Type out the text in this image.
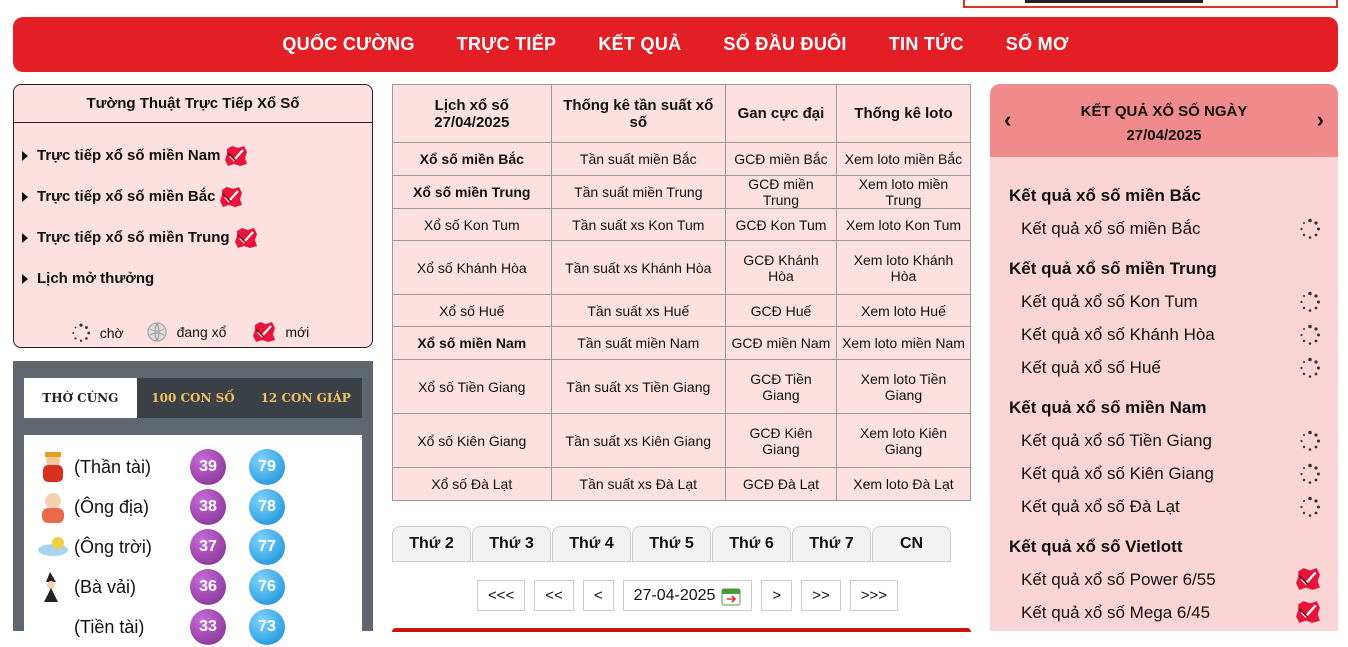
QUỐC CƯỜNG TRỰC TIẾP KẾT QUẢ SỐ ĐẦU ĐUÔI TIN TỨC SỐ MƠ
Tường Thuật Trực Tiếp Xổ Số
Trực tiếp xổ số miền Nam
Trực tiếp xổ số miền Bắc
Trực tiếp xổ số miền Trung
Lịch mở thưởng
chờ
	đang xổ
	mới
THỜ CÚNG	100 CON SỐ	12 CON GIÁP
(Thần tài)	39	79
(Ông địa)	38	78
(Ông trời)	37	77
(Bà vải)	36	76
(Tiền tài)	33	73
Lịch xổ số 27/04/2025	Thống kê tần suất xổ số	Gan cực đại	Thống kê loto
Xổ số miền Bắc	Tần suất miền Bắc	GCĐ miền Bắc	Xem loto miền Bắc
Xổ số miền Trung	Tần suất miền Trung	GCĐ miền Trung	Xem loto miền Trung
Xổ số Kon Tum	Tần suất xs Kon Tum	GCĐ Kon Tum	Xem loto Kon Tum
Xổ số Khánh Hòa	Tần suất xs Khánh Hòa	GCĐ Khánh Hòa	Xem loto Khánh Hòa
Xổ số Huế	Tần suất xs Huế	GCĐ Huế	Xem loto Huế
Xổ số miền Nam	Tần suất miền Nam	GCĐ miền Nam	Xem loto miền Nam
Xổ số Tiền Giang	Tần suất xs Tiền Giang	GCĐ Tiền Giang	Xem loto Tiền Giang
Xổ số Kiên Giang	Tần suất xs Kiên Giang	GCĐ Kiên Giang	Xem loto Kiên Giang
Xổ số Đà Lạt	Tần suất xs Đà Lạt	GCĐ Đà Lạt	Xem loto Đà Lạt
Thứ 2	Thứ 3	Thứ 4	Thứ 5	Thứ 6	Thứ 7	CN
<<<	<<	<	27-04-2025	>	>>	>>>
‹	KẾT QUẢ XỔ SỐ NGÀY
27/04/2025
›
Kết quả xổ số miền Bắc
Kết quả xổ số miền Bắc
Kết quả xổ số miền Trung
Kết quả xổ số Kon Tum
Kết quả xổ số Khánh Hòa
Kết quả xổ số Huế
Kết quả xổ số miền Nam
Kết quả xổ số Tiền Giang
Kết quả xổ số Kiên Giang
Kết quả xổ số Đà Lạt
Kết quả xổ số Vietlott
Kết quả xổ số Power 6/55
Kết quả xổ số Mega 6/45
